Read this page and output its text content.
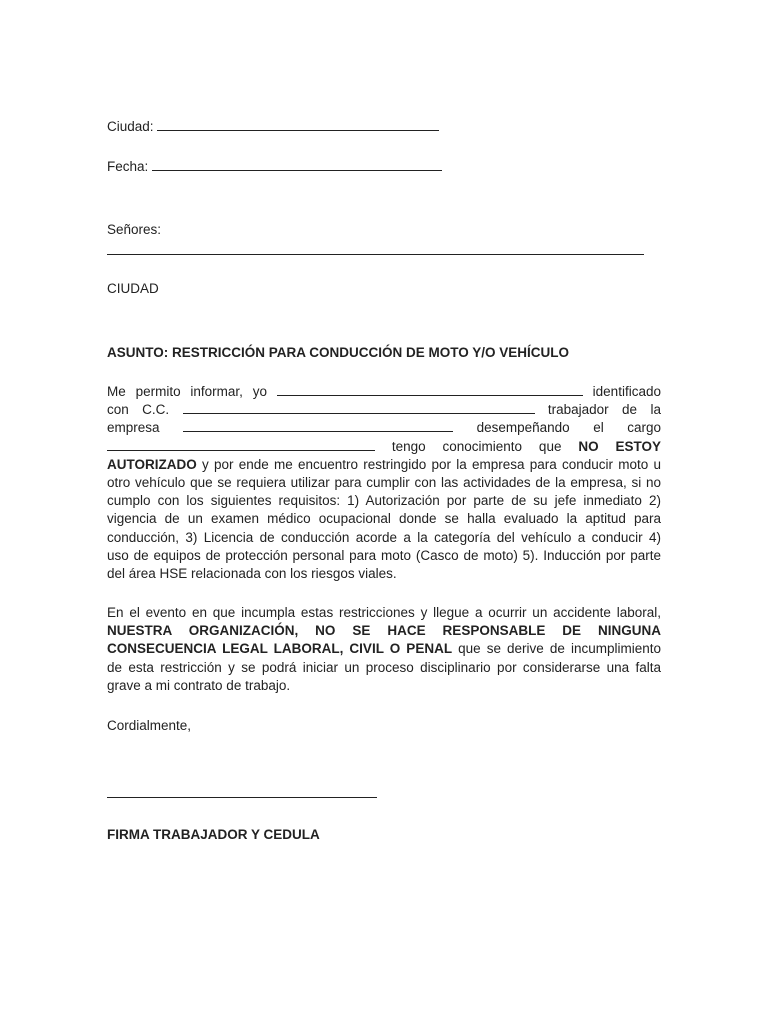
Ciudad:

Fecha:

Señores:

CIUDAD

ASUNTO: RESTRICCIÓN PARA CONDUCCIÓN DE MOTO Y/O VEHÍCULO

Me permito informar, yo	identificado
con C.C.	trabajador de la
empresa	desempeñando el cargo
tengo conocimiento que NO ESTOY
AUTORIZADO y por ende me encuentro restringido por la empresa para conducir moto u
otro vehículo que se requiera utilizar para cumplir con las actividades de la empresa, si no
cumplo con los siguientes requisitos: 1) Autorización por parte de su jefe inmediato 2)
vigencia de un examen médico ocupacional donde se halla evaluado la aptitud para
conducción, 3) Licencia de conducción acorde a la categoría del vehículo a conducir 4)
uso de equipos de protección personal para moto (Casco de moto) 5). Inducción por parte
del área HSE relacionada con los riesgos viales.
En el evento en que incumpla estas restricciones y llegue a ocurrir un accidente laboral,
NUESTRA ORGANIZACIÓN, NO SE HACE RESPONSABLE DE NINGUNA
CONSECUENCIA LEGAL LABORAL, CIVIL O PENAL que se derive de incumplimiento
de esta restricción y se podrá iniciar un proceso disciplinario por considerarse una falta
grave a mi contrato de trabajo.

Cordialmente,

FIRMA TRABAJADOR Y CEDULA
